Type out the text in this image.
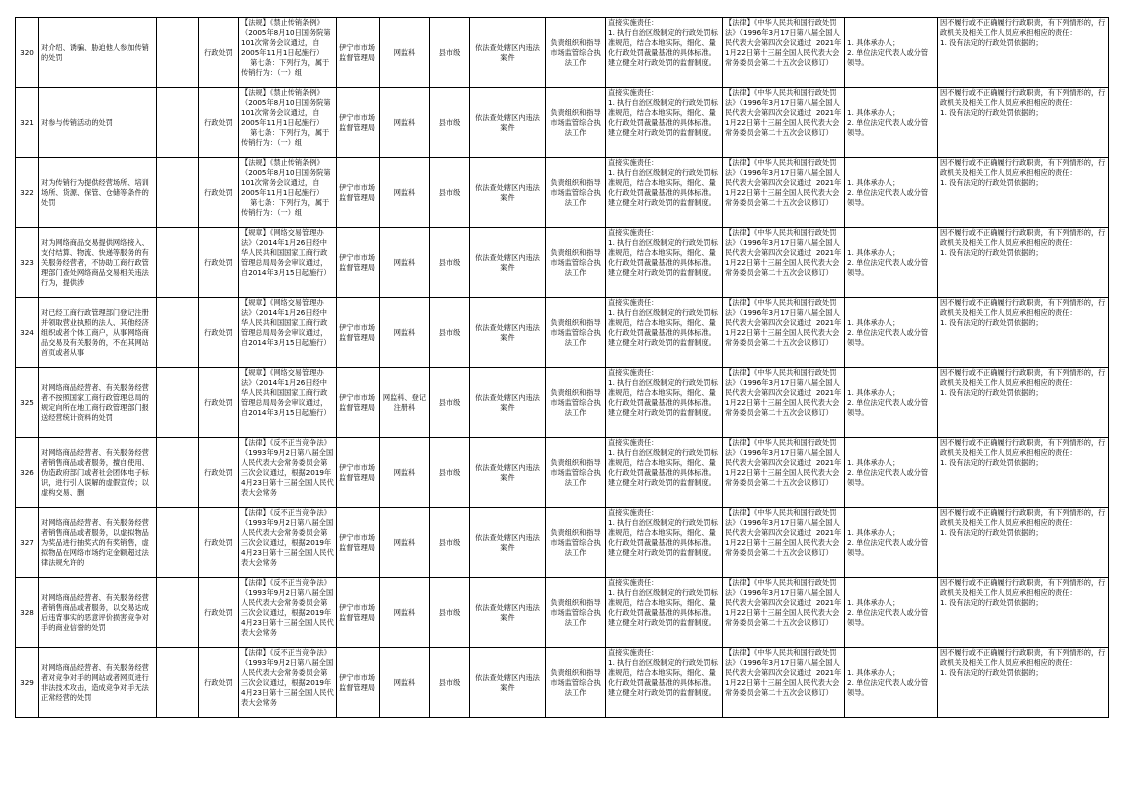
320	对介绍、诱骗、胁迫他人参加传销的处罚		行政处罚	【法规】《禁止传销条例》（2005年8月10日国务院第101次常务会议通过，自2005年11月1日起施行）
第七条：下列行为，属于传销行为：（一）组	伊宁市市场监督管理局	网监科	县市级	依法查处辖区内违法案件	负责组织和指导市场监管综合执法工作	直接实施责任：
1. 执行自治区级制定的行政处罚标准规范，结合本地实际，细化、量化行政处罚裁量基准的具体标准。建立健全对行政处罚的监督制度。	【法律】《中华人民共和国行政处罚法》（1996年3月17日第八届全国人民代表大会第四次会议通过  2021年1月22日第十三届全国人民代表大会常务委员会第二十五次会议修订）	1. 具体承办人；
2. 单位法定代表人或分管领导。	因不履行或不正确履行行政职责，有下列情形的，行政机关及相关工作人员应承担相应的责任：
1. 没有法定的行政处罚依据的；

321	对参与传销活动的处罚		行政处罚	【法规】《禁止传销条例》（2005年8月10日国务院第101次常务会议通过，自2005年11月1日起施行）
第七条：下列行为，属于传销行为：（一）组	伊宁市市场监督管理局	网监科	县市级	依法查处辖区内违法案件	负责组织和指导市场监管综合执法工作	直接实施责任：
1. 执行自治区级制定的行政处罚标准规范，结合本地实际，细化、量化行政处罚裁量基准的具体标准。建立健全对行政处罚的监督制度。	【法律】《中华人民共和国行政处罚法》（1996年3月17日第八届全国人民代表大会第四次会议通过  2021年1月22日第十三届全国人民代表大会常务委员会第二十五次会议修订）	1. 具体承办人；
2. 单位法定代表人或分管领导。	因不履行或不正确履行行政职责，有下列情形的，行政机关及相关工作人员应承担相应的责任：
1. 没有法定的行政处罚依据的；

322	对为传销行为提供经营场所、培训场所、货源、保管、仓储等条件的处罚		行政处罚	【法规】《禁止传销条例》（2005年8月10日国务院第101次常务会议通过，自2005年11月1日起施行）
第七条：下列行为，属于传销行为：（一）组	伊宁市市场监督管理局	网监科	县市级	依法查处辖区内违法案件	负责组织和指导市场监管综合执法工作	直接实施责任：
1. 执行自治区级制定的行政处罚标准规范，结合本地实际，细化、量化行政处罚裁量基准的具体标准。建立健全对行政处罚的监督制度。	【法律】《中华人民共和国行政处罚法》（1996年3月17日第八届全国人民代表大会第四次会议通过  2021年1月22日第十三届全国人民代表大会常务委员会第二十五次会议修订）	1. 具体承办人；
2. 单位法定代表人或分管领导。	因不履行或不正确履行行政职责，有下列情形的，行政机关及相关工作人员应承担相应的责任：
1. 没有法定的行政处罚依据的；

323	对为网络商品交易提供网络接入、支付结算、物流、快递等服务的有关服务经营者，不协助工商行政管理部门查处网络商品交易相关违法行为，提供涉		行政处罚	【规章】《网络交易管理办法》（2014年1月26日经中华人民共和国国家工商行政管理总局局务会审议通过，自2014年3月15日起施行）	伊宁市市场监督管理局	网监科	县市级	依法查处辖区内违法案件	负责组织和指导市场监管综合执法工作	直接实施责任：
1. 执行自治区级制定的行政处罚标准规范，结合本地实际，细化、量化行政处罚裁量基准的具体标准。建立健全对行政处罚的监督制度。	【法律】《中华人民共和国行政处罚法》（1996年3月17日第八届全国人民代表大会第四次会议通过  2021年1月22日第十三届全国人民代表大会常务委员会第二十五次会议修订）	1. 具体承办人；
2. 单位法定代表人或分管领导。	因不履行或不正确履行行政职责，有下列情形的，行政机关及相关工作人员应承担相应的责任：
1. 没有法定的行政处罚依据的；

324	对已经工商行政管理部门登记注册并领取营业执照的法人、其他经济组织或者个体工商户，从事网络商品交易及有关服务的，不在其网站首页或者从事		行政处罚	【规章】《网络交易管理办法》（2014年1月26日经中华人民共和国国家工商行政管理总局局务会审议通过，自2014年3月15日起施行）	伊宁市市场监督管理局	网监科	县市级	依法查处辖区内违法案件	负责组织和指导市场监管综合执法工作	直接实施责任：
1. 执行自治区级制定的行政处罚标准规范，结合本地实际，细化、量化行政处罚裁量基准的具体标准。建立健全对行政处罚的监督制度。	【法律】《中华人民共和国行政处罚法》（1996年3月17日第八届全国人民代表大会第四次会议通过  2021年1月22日第十三届全国人民代表大会常务委员会第二十五次会议修订）	1. 具体承办人；
2. 单位法定代表人或分管领导。	因不履行或不正确履行行政职责，有下列情形的，行政机关及相关工作人员应承担相应的责任：
1. 没有法定的行政处罚依据的；

325	对网络商品经营者、有关服务经营者不按照国家工商行政管理总局的规定向所在地工商行政管理部门报送经营统计资料的处罚		行政处罚	【规章】《网络交易管理办法》（2014年1月26日经中华人民共和国国家工商行政管理总局局务会审议通过，自2014年3月15日起施行）	伊宁市市场监督管理局	网监科、登记注册科	县市级	依法查处辖区内违法案件	负责组织和指导市场监管综合执法工作	直接实施责任：
1. 执行自治区级制定的行政处罚标准规范，结合本地实际，细化、量化行政处罚裁量基准的具体标准。建立健全对行政处罚的监督制度。	【法律】《中华人民共和国行政处罚法》（1996年3月17日第八届全国人民代表大会第四次会议通过  2021年1月22日第十三届全国人民代表大会常务委员会第二十五次会议修订）	1. 具体承办人；
2. 单位法定代表人或分管领导。	因不履行或不正确履行行政职责，有下列情形的，行政机关及相关工作人员应承担相应的责任：
1. 没有法定的行政处罚依据的；

326	对网络商品经营者、有关服务经营者销售商品或者服务，擅自使用、伪造政府部门或者社会团体电子标识，进行引人误解的虚假宣传；以虚构交易、删		行政处罚	【法律】《反不正当竞争法》（1993年9月2日第八届全国人民代表大会常务委员会第三次会议通过，根据2019年4月23日第十三届全国人民代表大会常务	伊宁市市场监督管理局	网监科	县市级	依法查处辖区内违法案件	负责组织和指导市场监管综合执法工作	直接实施责任：
1. 执行自治区级制定的行政处罚标准规范，结合本地实际，细化、量化行政处罚裁量基准的具体标准。建立健全对行政处罚的监督制度。	【法律】《中华人民共和国行政处罚法》（1996年3月17日第八届全国人民代表大会第四次会议通过  2021年1月22日第十三届全国人民代表大会常务委员会第二十五次会议修订）	1. 具体承办人；
2. 单位法定代表人或分管领导。	因不履行或不正确履行行政职责，有下列情形的，行政机关及相关工作人员应承担相应的责任：
1. 没有法定的行政处罚依据的；

327	对网络商品经营者、有关服务经营者销售商品或者服务，以虚拟物品为奖品进行抽奖式的有奖销售，虚拟物品在网络市场约定金额超过法律法规允许的		行政处罚	【法律】《反不正当竞争法》（1993年9月2日第八届全国人民代表大会常务委员会第三次会议通过，根据2019年4月23日第十三届全国人民代表大会常务	伊宁市市场监督管理局	网监科	县市级	依法查处辖区内违法案件	负责组织和指导市场监管综合执法工作	直接实施责任：
1. 执行自治区级制定的行政处罚标准规范，结合本地实际，细化、量化行政处罚裁量基准的具体标准。建立健全对行政处罚的监督制度。	【法律】《中华人民共和国行政处罚法》（1996年3月17日第八届全国人民代表大会第四次会议通过  2021年1月22日第十三届全国人民代表大会常务委员会第二十五次会议修订）	1. 具体承办人；
2. 单位法定代表人或分管领导。	因不履行或不正确履行行政职责，有下列情形的，行政机关及相关工作人员应承担相应的责任：
1. 没有法定的行政处罚依据的；

328	对网络商品经营者、有关服务经营者销售商品或者服务，以交易达成后违背事实的恶意评价损害竞争对手的商业信誉的处罚		行政处罚	【法律】《反不正当竞争法》（1993年9月2日第八届全国人民代表大会常务委员会第三次会议通过，根据2019年4月23日第十三届全国人民代表大会常务	伊宁市市场监督管理局	网监科	县市级	依法查处辖区内违法案件	负责组织和指导市场监管综合执法工作	直接实施责任：
1. 执行自治区级制定的行政处罚标准规范，结合本地实际，细化、量化行政处罚裁量基准的具体标准。建立健全对行政处罚的监督制度。	【法律】《中华人民共和国行政处罚法》（1996年3月17日第八届全国人民代表大会第四次会议通过  2021年1月22日第十三届全国人民代表大会常务委员会第二十五次会议修订）	1. 具体承办人；
2. 单位法定代表人或分管领导。	因不履行或不正确履行行政职责，有下列情形的，行政机关及相关工作人员应承担相应的责任：
1. 没有法定的行政处罚依据的；

329	对网络商品经营者、有关服务经营者对竞争对手的网站或者网页进行非法技术攻击，造成竞争对手无法正常经营的处罚		行政处罚	【法律】《反不正当竞争法》（1993年9月2日第八届全国人民代表大会常务委员会第三次会议通过，根据2019年4月23日第十三届全国人民代表大会常务	伊宁市市场监督管理局	网监科	县市级	依法查处辖区内违法案件	负责组织和指导市场监管综合执法工作	直接实施责任：
1. 执行自治区级制定的行政处罚标准规范，结合本地实际，细化、量化行政处罚裁量基准的具体标准。建立健全对行政处罚的监督制度。	【法律】《中华人民共和国行政处罚法》（1996年3月17日第八届全国人民代表大会第四次会议通过  2021年1月22日第十三届全国人民代表大会常务委员会第二十五次会议修订）	1. 具体承办人；
2. 单位法定代表人或分管领导。	因不履行或不正确履行行政职责，有下列情形的，行政机关及相关工作人员应承担相应的责任：
1. 没有法定的行政处罚依据的；
